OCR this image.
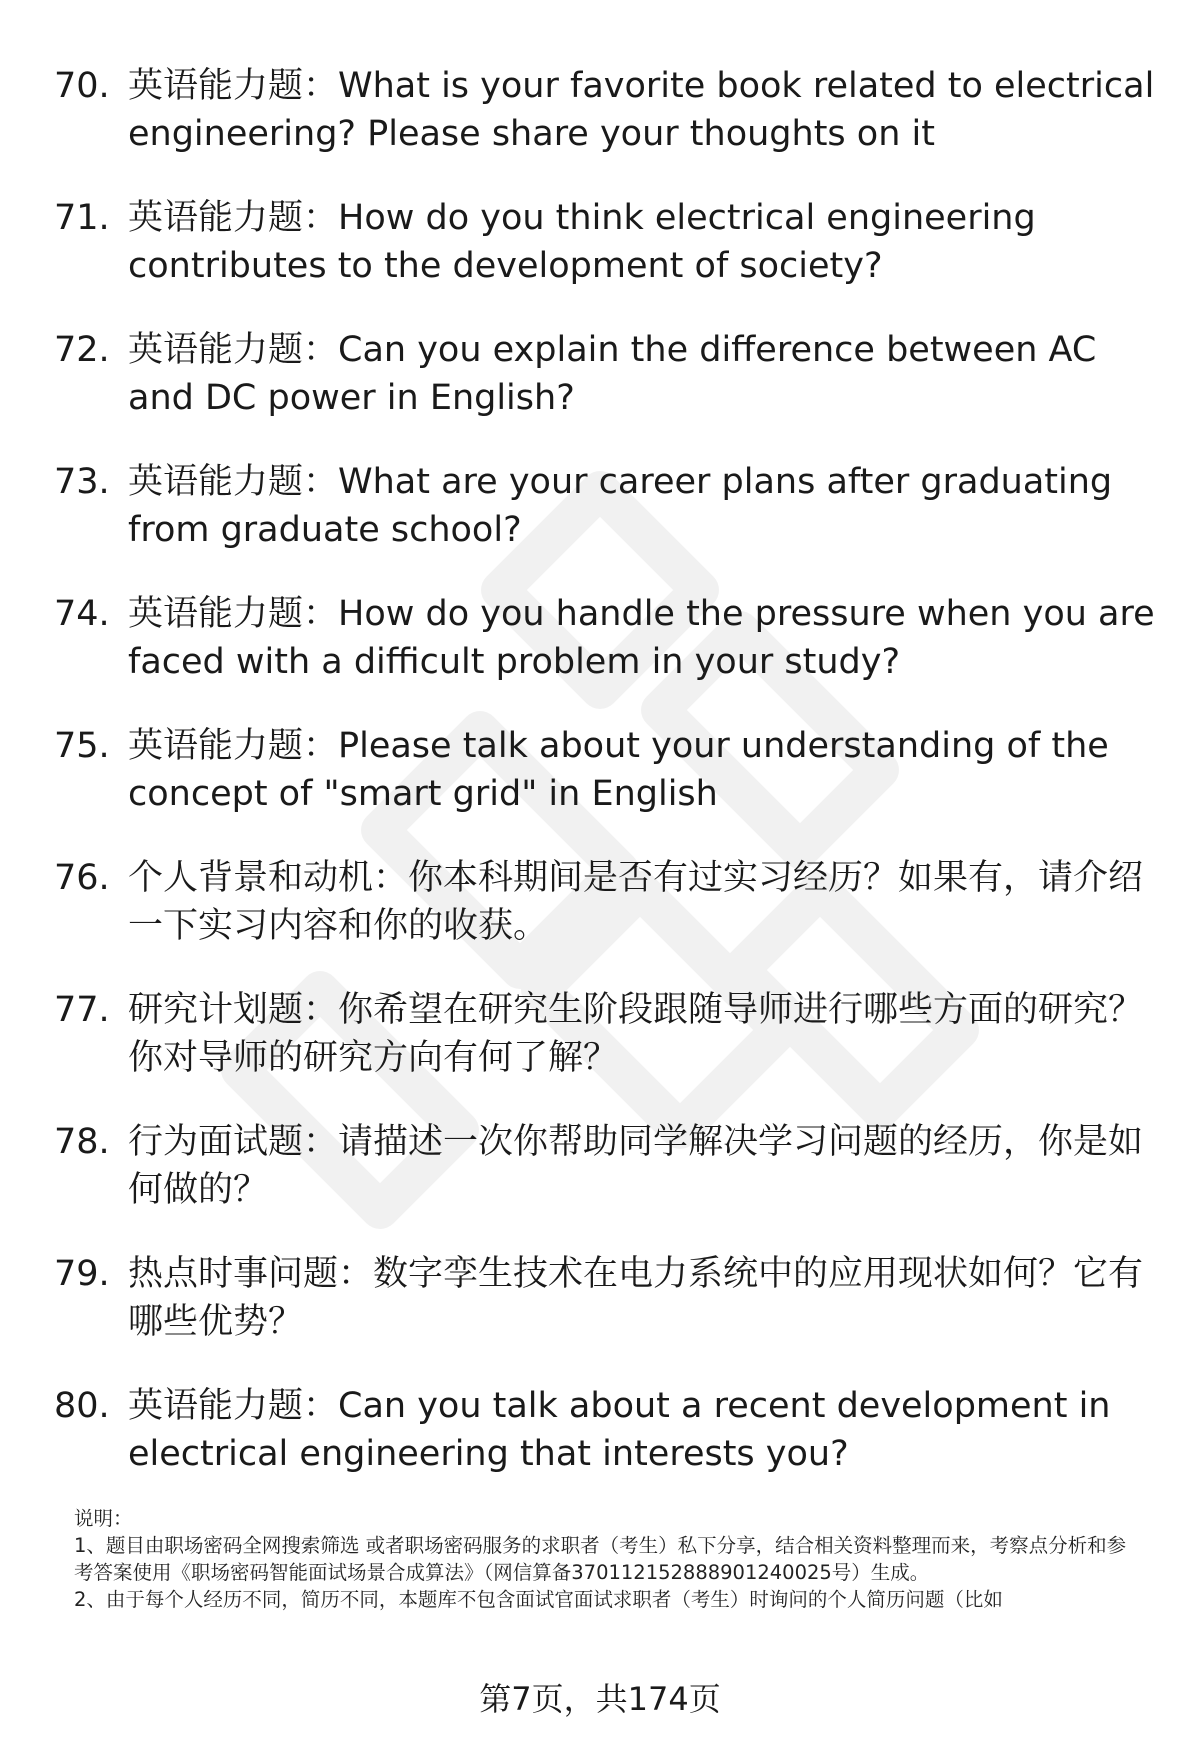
70. 英语能力题：What is your favorite book related to electrical engineering? Please share your thoughts on it
71. 英语能力题：How do you think electrical engineering contributes to the development of society?
72. 英语能力题：Can you explain the difference between AC and DC power in English?
73. 英语能力题：What are your career plans after graduating from graduate school?
74. 英语能力题：How do you handle the pressure when you are faced with a difficult problem in your study?
75. 英语能力题：Please talk about your understanding of the concept of "smart grid" in English
76. 个人背景和动机：你本科期间是否有过实习经历？如果有，请介绍一下实习内容和你的收获。
77. 研究计划题：你希望在研究生阶段跟随导师进行哪些方面的研究？你对导师的研究方向有何了解？
78. 行为面试题：请描述一次你帮助同学解决学习问题的经历，你是如何做的？
79. 热点时事问题：数字孪生技术在电力系统中的应用现状如何？它有哪些优势？
80. 英语能力题：Can you talk about a recent development in electrical engineering that interests you?

说明：

1、题目由职场密码全网搜索筛选 或者职场密码服务的求职者（考生）私下分享，结合相关资料整理而来，考察点分析和参考答案使用《职场密码智能面试场景合成算法》（网信算备370112152888901240025号）生成。

2、由于每个人经历不同，简历不同，本题库不包含面试官面试求职者（考生）时询问的个人简历问题（比如

第7页，共174页
